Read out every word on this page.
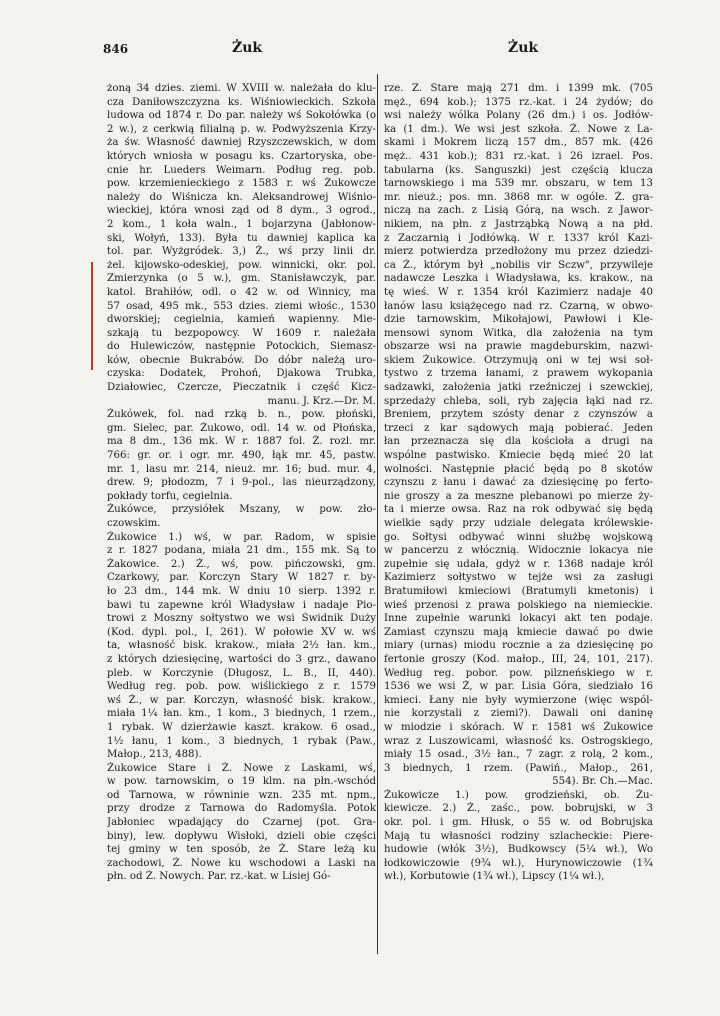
846	Żuk	Żuk
żoną 34 dzies. ziemi. W XVIII w. należała do klu-
cza Daniłowszczyzna ks. Wiśniowieckich. Szkoła
ludowa od 1874 r. Do par. należy wś Sokołówka (o
2 w.), z cerkwią filialną p. w. Podwyższenia Krzy-
ża św. Własność dawniej Rzyszczewskich, w dom
których wniosła w posagu ks. Czartoryska, obe-
cnie hr. Lueders Weimarn. Podług reg. pob.
pow. krzemienieckiego z 1583 r. wś Żukowcze
należy do Wiśnicza kn. Aleksandrowej Wiśnio-
wieckiej, która wnosi ząd od 8 dym., 3 ogrod.,
2 kom., 1 koła waln., 1 bojarzyna (Jabłonow-
ski, Wołyń, 133). Była tu dawniej kaplica ka
tol. par. Wyżgródek. 3,) Ż., wś przy linii dr.
żel. kijowsko-odeskiej, pow. winnicki, okr. pol.
Zmierzynka (o 5 w.), gm. Stanisławczyk, par.
katol. Brahiłów, odl. o 42 w. od Winnicy, ma
57 osad, 495 mk., 553 dzies. ziemi włośc., 1530
dworskiej; cegielnia, kamień wapienny. Mie-
szkają tu bezpopowcy. W 1609 r. należała
do Hulewiczów, następnie Potockich, Siemasz-
ków, obecnie Bukrabów. Do dóbr należą uro-
czyska: Dodatek, Prohoń, Djakowa Trubka,
Działowiec, Czercze, Pieczatnik i część Kicz-
manu. J. Krz.—Dr. M.
Żukówek, fol. nad rzką b. n., pow. płoński,
gm. Sielec, par. Żukowo, odl. 14 w. od Płońska,
ma 8 dm., 136 mk. W r. 1887 fol. Ż. rozl. mr.
766: gr. or. i ogr. mr. 490, łąk mr. 45, pastw.
mr. 1, lasu mr. 214, nieuż. mr. 16; bud. mur. 4,
drew. 9; płodozm, 7 i 9-pol., las nieurządzony,
pokłady torfu, cegielnia.
Żukówce, przysiółek Mszany, w pow. zło-
czowskim.
Żukowice 1.) wś, w par. Radom, w spisie
z r. 1827 podana, miała 21 dm., 155 mk. Są to
Żakowice. 2.) Ż., wś, pow. pińczowski, gm.
Czarkowy, par. Korczyn Stary W 1827 r. by-
ło 23 dm., 144 mk. W dniu 10 sierp. 1392 r.
bawi tu zapewne król Władysław i nadaje Pio-
trowi z Moszny sołtystwo we wsi Świdnik Duży
(Kod. dypl. pol., I, 261). W połowie XV w. wś
ta, własność bisk. krakow., miała 2½ łan. km.,
z których dziesięcinę, wartości do 3 grz., dawano
pleb. w Korczynie (Długosz, L. B., II, 440).
Według reg. pob. pow. wiślickiego z r. 1579
wś Ż., w par. Korczyn, własność bisk. krakow.,
miała 1¼ łan. km., 1 kom., 3 biednych, 1 rzem.,
1 rybak. W dzierżawie kaszt. krakow. 6 osad.,
1½ łanu, 1 kom., 3 biednych, 1 rybak (Paw.,
Małop., 213, 488).
Żukowice Stare i Ż. Nowe z Laskami, wś,
w pow. tarnowskim, o 19 klm. na płn.-wschód
od Tarnowa, w równinie wzn. 235 mt. npm.,
przy drodze z Tarnowa do Radomyśla. Potok
Jabłoniec wpadający do Czarnej (pot. Gra-
biny), lew. dopływu Wisłoki, dzieli obie części
tej gminy w ten sposób, że Ż. Stare leżą ku
zachodowi, Ż. Nowe ku wschodowi a Laski na
płn. od Ż. Nowych. Par. rz.-kat. w Lisiej Gó-
rze. Z. Stare mają 271 dm. i 1399 mk. (705
męż., 694 kob.); 1375 rz.-kat. i 24 żydów; do
wsi należy wólka Polany (26 dm.) i os. Jodłów-
ka (1 dm.). We wsi jest szkoła. Ż. Nowe z La-
skami i Mokrem liczą 157 dm., 857 mk. (426
męż.. 431 kob.); 831 rz.-kat. i 26 izrael. Pos.
tabularna (ks. Sanguszki) jest częścią klucza
tarnowskiego i ma 539 mr. obszaru, w tem 13
mr. nieuż.; pos. mn. 3868 mr. w ogóle. Ż. gra-
niczą na zach. z Lisią Górą, na wsch. z Jawor-
nikiem, na płn. z Jastrząbką Nową a na płd.
z Zaczarnią i Jodłówką. W r. 1337 król Kazi-
mierz potwierdza przedłożony mu przez dziedzi-
ca Ż., którym był „nobilis vir Sczw", przywileje
nadawcze Leszka i Władysława, ks. krakow., na
tę wieś. W r. 1354 król Kazimierz nadaje 40
łanów lasu książęcego nad rz. Czarną, w obwo-
dzie tarnowskim, Mikołajowi, Pawłowi i Kle-
mensowi synom Witka, dla założenia na tym
obszarze wsi na prawie magdeburskim, nazwi-
skiem Żukowice. Otrzymują oni w tej wsi soł-
tystwo z trzema łanami, z prawem wykopania
sadzawki, założenia jatki rzeźniczej i szewckiej,
sprzedaży chleba, soli, ryb zajęcia łąki nad rz.
Breniem, przytem szósty denar z czynszów a
trzeci z kar sądowych mają pobierać. Jeden
łan przeznacza się dla kościoła a drugi na
wspólne pastwisko. Kmiecie będą mieć 20 lat
wolności. Następnie płacić będą po 8 skotów
czynszu z łanu i dawać za dziesięcinę po ferto-
nie groszy a za meszne plebanowi po mierze ży-
ta i mierze owsa. Raz na rok odbywać się będą
wielkie sądy przy udziale delegata królewskie-
go. Sołtysi odbywać winni służbę wojskową
w pancerzu z włócznią. Widocznie lokacya nie
zupełnie się udała, gdyż w r. 1368 nadaje król
Kazimierz sołtystwo w tejże wsi za zasługi
Bratumiłowi kmieciowi (Bratumyli kmetonis) i
wieś przenosi z prawa polskiego na niemieckie.
Inne zupełnie warunki lokacyi akt ten podaje.
Zamiast czynszu mają kmiecie dawać po dwie
miary (urnas) miodu rocznie a za dziesięcinę po
fertonie groszy (Kod. małop., III, 24, 101, 217).
Według reg. pobor. pow. pilzneńskiego w r.
1536 we wsi Ż, w par. Lisia Góra, siedziało 16
kmieci. Łany nie były wymierzone (więc wspól-
nie korzystali z ziemi?). Dawali oni daninę
w miodzie i skórach. W r. 1581 wś Żukowice
wraz z Luszowicami, własność ks. Ostrogskiego,
miały 15 osad., 3½ łan., 7 zagr. z rolą, 2 kom.,
3 biednych, 1 rzem. (Pawiń., Małop., 261,
554). Br. Ch.—Mac.
Żukowicze 1.) pow. grodzieński, ob. Żu-
kiewicze. 2.) Ż., zaśc., pow. bobrujski, w 3
okr. pol. i gm. Hłusk, o 55 w. od Bobrujska
Mają tu własności rodziny szlacheckie: Piere-
hudowie (włók 3½), Budkowscy (5¼ wł.), Wo
łodkowiczowie (9¾ wł.), Hurynowiczowie (1¾
wł.), Korbutowie (1¾ wł.), Lipscy (1¼ wł.),
